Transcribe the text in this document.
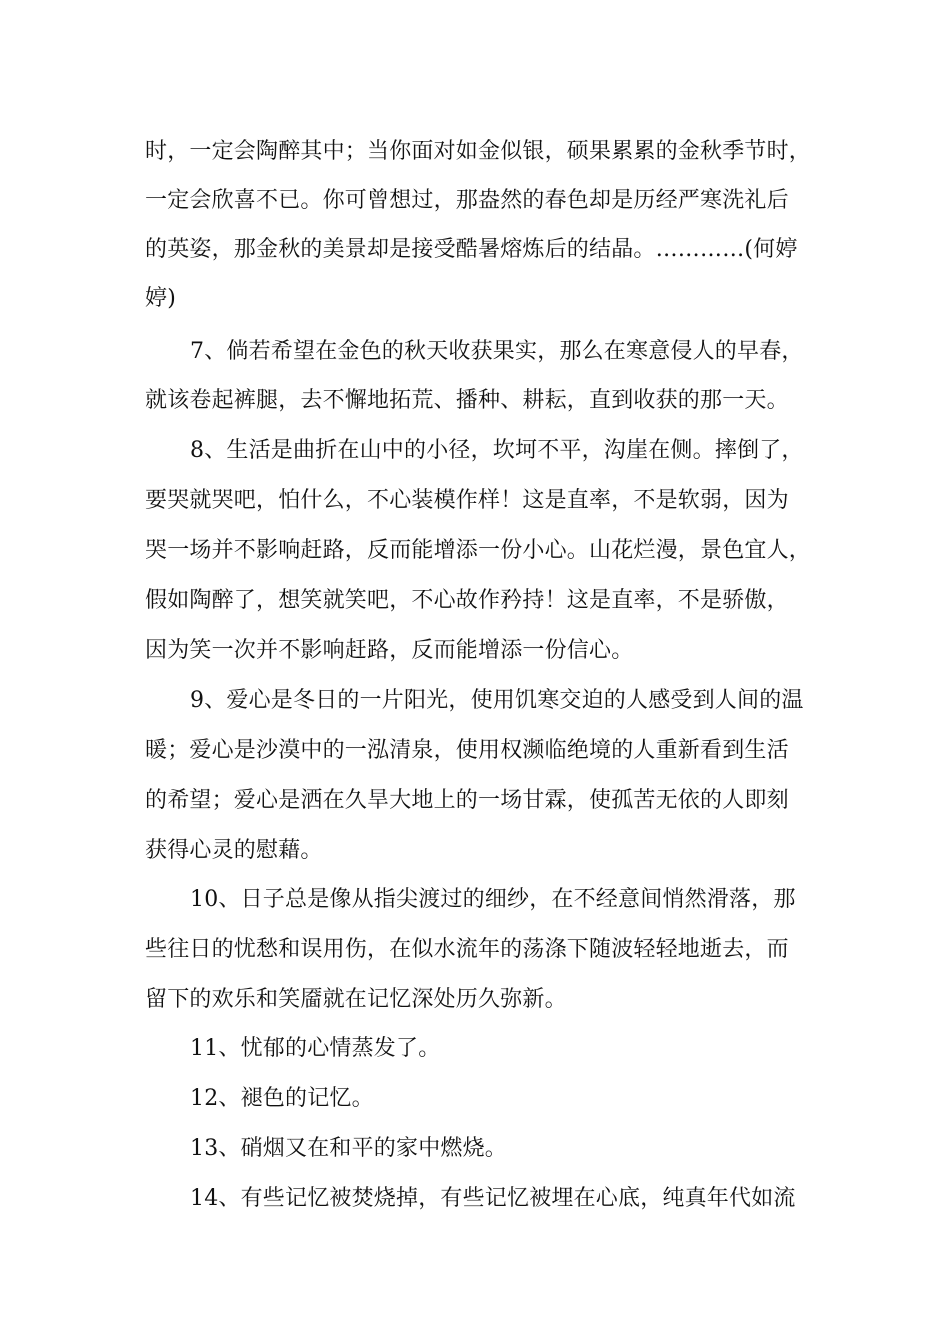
时，一定会陶醉其中；当你面对如金似银，硕果累累的金秋季节时，
一定会欣喜不已。你可曾想过，那盎然的春色却是历经严寒洗礼后
的英姿，那金秋的美景却是接受酷暑熔炼后的结晶。…………(何婷
婷)
7、倘若希望在金色的秋天收获果实，那么在寒意侵人的早春，
就该卷起裤腿，去不懈地拓荒、播种、耕耘，直到收获的那一天。
8、生活是曲折在山中的小径，坎坷不平，沟崖在侧。摔倒了，
要哭就哭吧，怕什么，不心装模作样！这是直率，不是软弱，因为
哭一场并不影响赶路，反而能增添一份小心。山花烂漫，景色宜人，
假如陶醉了，想笑就笑吧，不心故作矜持！这是直率，不是骄傲，
因为笑一次并不影响赶路，反而能增添一份信心。
9、爱心是冬日的一片阳光，使用饥寒交迫的人感受到人间的温
暖；爱心是沙漠中的一泓清泉，使用权濒临绝境的人重新看到生活
的希望；爱心是洒在久旱大地上的一场甘霖，使孤苦无依的人即刻
获得心灵的慰藉。
10、日子总是像从指尖渡过的细纱，在不经意间悄然滑落，那
些往日的忧愁和误用伤，在似水流年的荡涤下随波轻轻地逝去，而
留下的欢乐和笑靥就在记忆深处历久弥新。
11、忧郁的心情蒸发了。
12、褪色的记忆。
13、硝烟又在和平的家中燃烧。
14、有些记忆被焚烧掉，有些记忆被埋在心底，纯真年代如流
